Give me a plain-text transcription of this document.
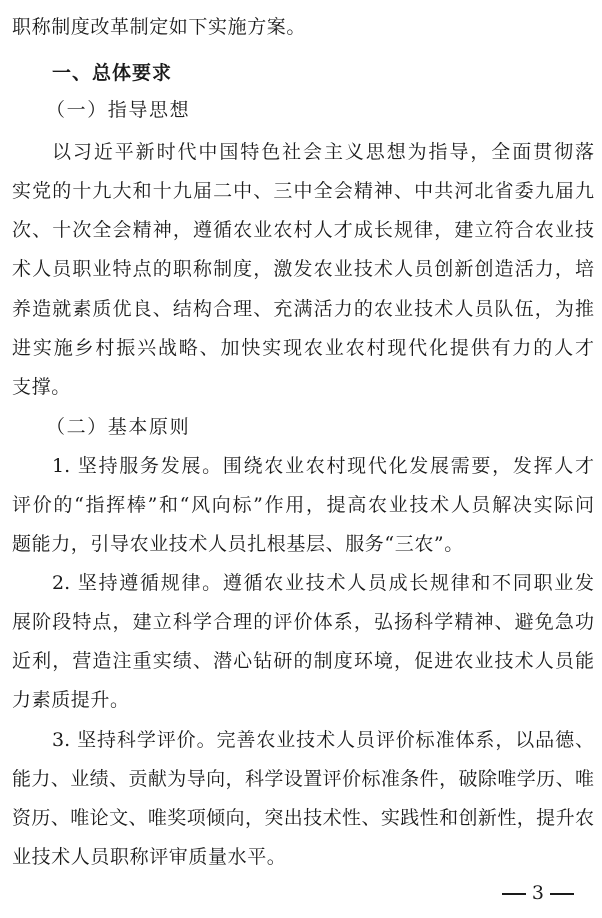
职称制度改革制定如下实施方案。
一、总体要求
（一）指导思想
以习近平新时代中国特色社会主义思想为指导，全面贯彻落
实党的十九大和十九届二中、三中全会精神、中共河北省委九届九
次、十次全会精神，遵循农业农村人才成长规律，建立符合农业技
术人员职业特点的职称制度，激发农业技术人员创新创造活力，培
养造就素质优良、结构合理、充满活力的农业技术人员队伍，为推
进实施乡村振兴战略、加快实现农业农村现代化提供有力的人才
支撑。
（二）基本原则
1. 坚持服务发展。围绕农业农村现代化发展需要，发挥人才
评价的“指挥棒”和“风向标”作用，提高农业技术人员解决实际问
题能力，引导农业技术人员扎根基层、服务“三农”。
2. 坚持遵循规律。遵循农业技术人员成长规律和不同职业发
展阶段特点，建立科学合理的评价体系，弘扬科学精神、避免急功
近利，营造注重实绩、潜心钻研的制度环境，促进农业技术人员能
力素质提升。
3. 坚持科学评价。完善农业技术人员评价标准体系，以品德、
能力、业绩、贡献为导向，科学设置评价标准条件，破除唯学历、唯
资历、唯论文、唯奖项倾向，突出技术性、实践性和创新性，提升农
业技术人员职称评审质量水平。
3
